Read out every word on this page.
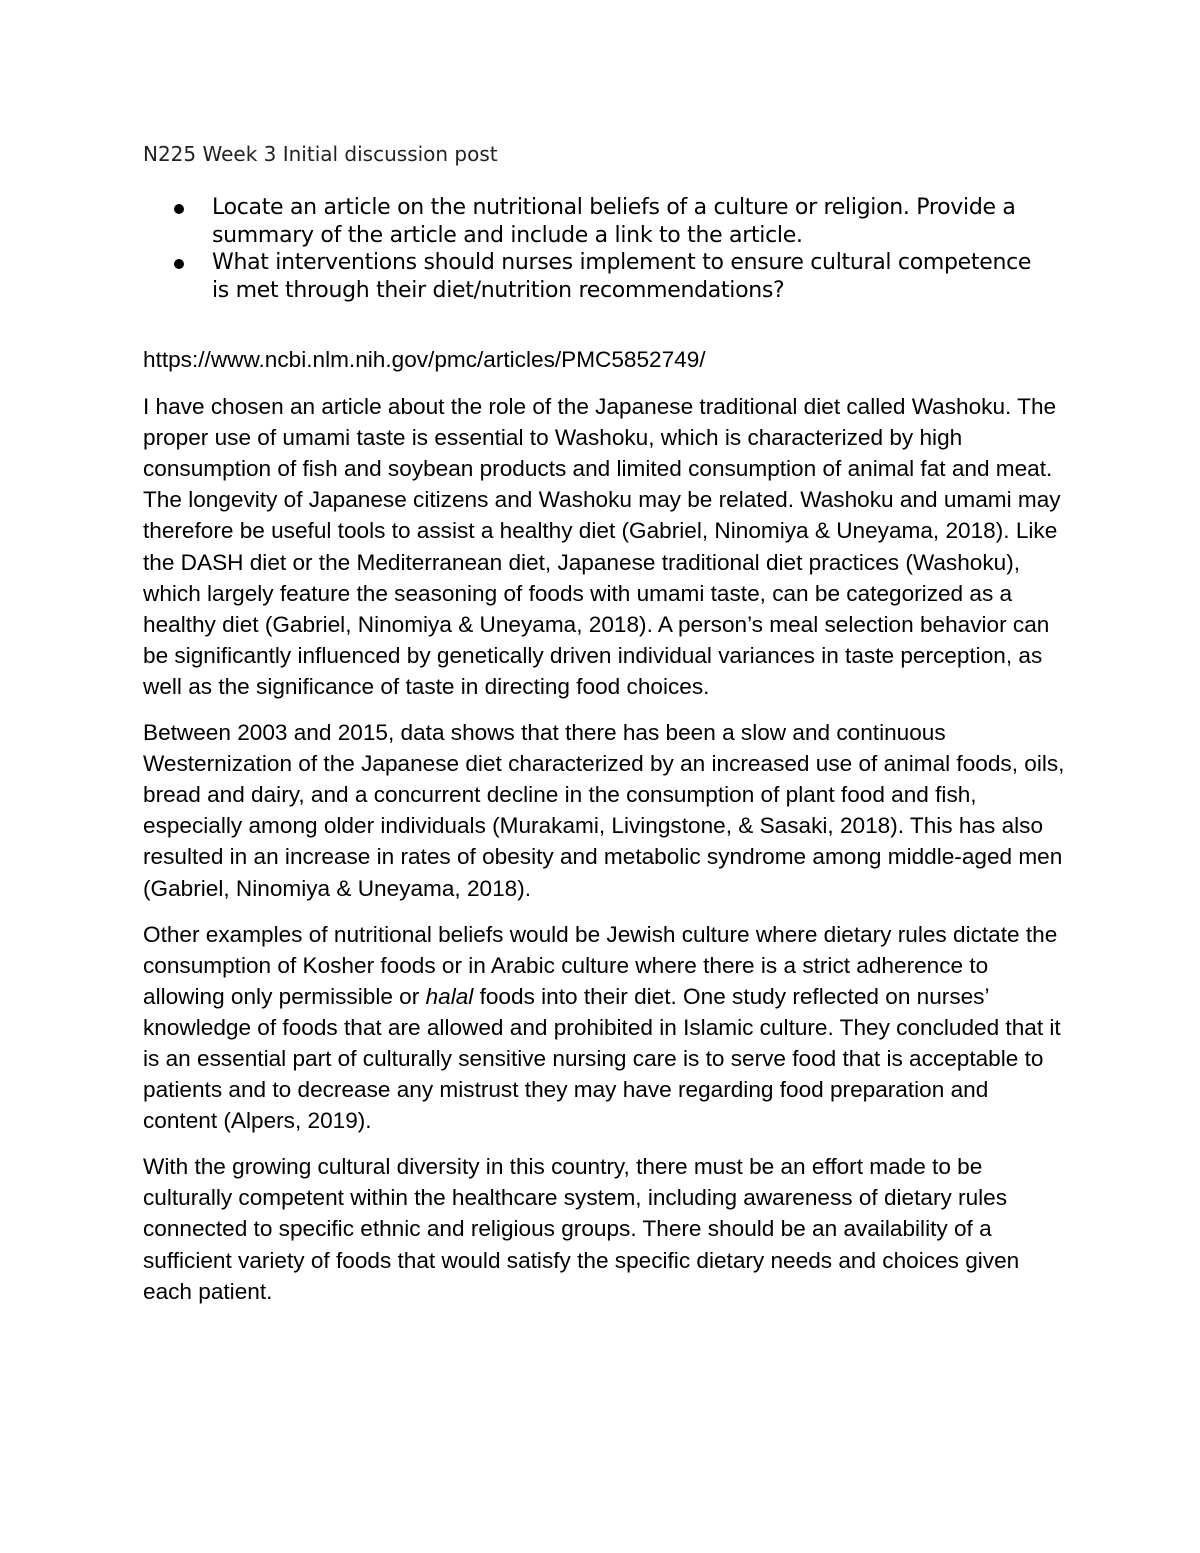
N225 Week 3 Initial discussion post
Locate an article on the nutritional beliefs of a culture or religion. Provide a summary of the article and include a link to the article.
What interventions should nurses implement to ensure cultural competence is met through their diet/nutrition recommendations?

https://www.ncbi.nlm.nih.gov/pmc/articles/PMC5852749/

I have chosen an article about the role of the Japanese traditional diet called Washoku. The proper use of umami taste is essential to Washoku, which is characterized by high consumption of fish and soybean products and limited consumption of animal fat and meat. The longevity of Japanese citizens and Washoku may be related. Washoku and umami may therefore be useful tools to assist a healthy diet (Gabriel, Ninomiya & Uneyama, 2018). Like the DASH diet or the Mediterranean diet, Japanese traditional diet practices (Washoku), which largely feature the seasoning of foods with umami taste, can be categorized as a healthy diet (Gabriel, Ninomiya & Uneyama, 2018). A person’s meal selection behavior can be significantly influenced by genetically driven individual variances in taste perception, as well as the significance of taste in directing food choices.

Between 2003 and 2015, data shows that there has been a slow and continuous Westernization of the Japanese diet characterized by an increased use of animal foods, oils, bread and dairy, and a concurrent decline in the consumption of plant food and fish, especially among older individuals (Murakami, Livingstone, & Sasaki, 2018). This has also resulted in an increase in rates of obesity and metabolic syndrome among middle-aged men (Gabriel, Ninomiya & Uneyama, 2018).

Other examples of nutritional beliefs would be Jewish culture where dietary rules dictate the consumption of Kosher foods or in Arabic culture where there is a strict adherence to allowing only permissible or halal foods into their diet. One study reflected on nurses’ knowledge of foods that are allowed and prohibited in Islamic culture. They concluded that it is an essential part of culturally sensitive nursing care is to serve food that is acceptable to patients and to decrease any mistrust they may have regarding food preparation and content (Alpers, 2019).

With the growing cultural diversity in this country, there must be an effort made to be culturally competent within the healthcare system, including awareness of dietary rules connected to specific ethnic and religious groups. There should be an availability of a sufficient variety of foods that would satisfy the specific dietary needs and choices given each patient.
